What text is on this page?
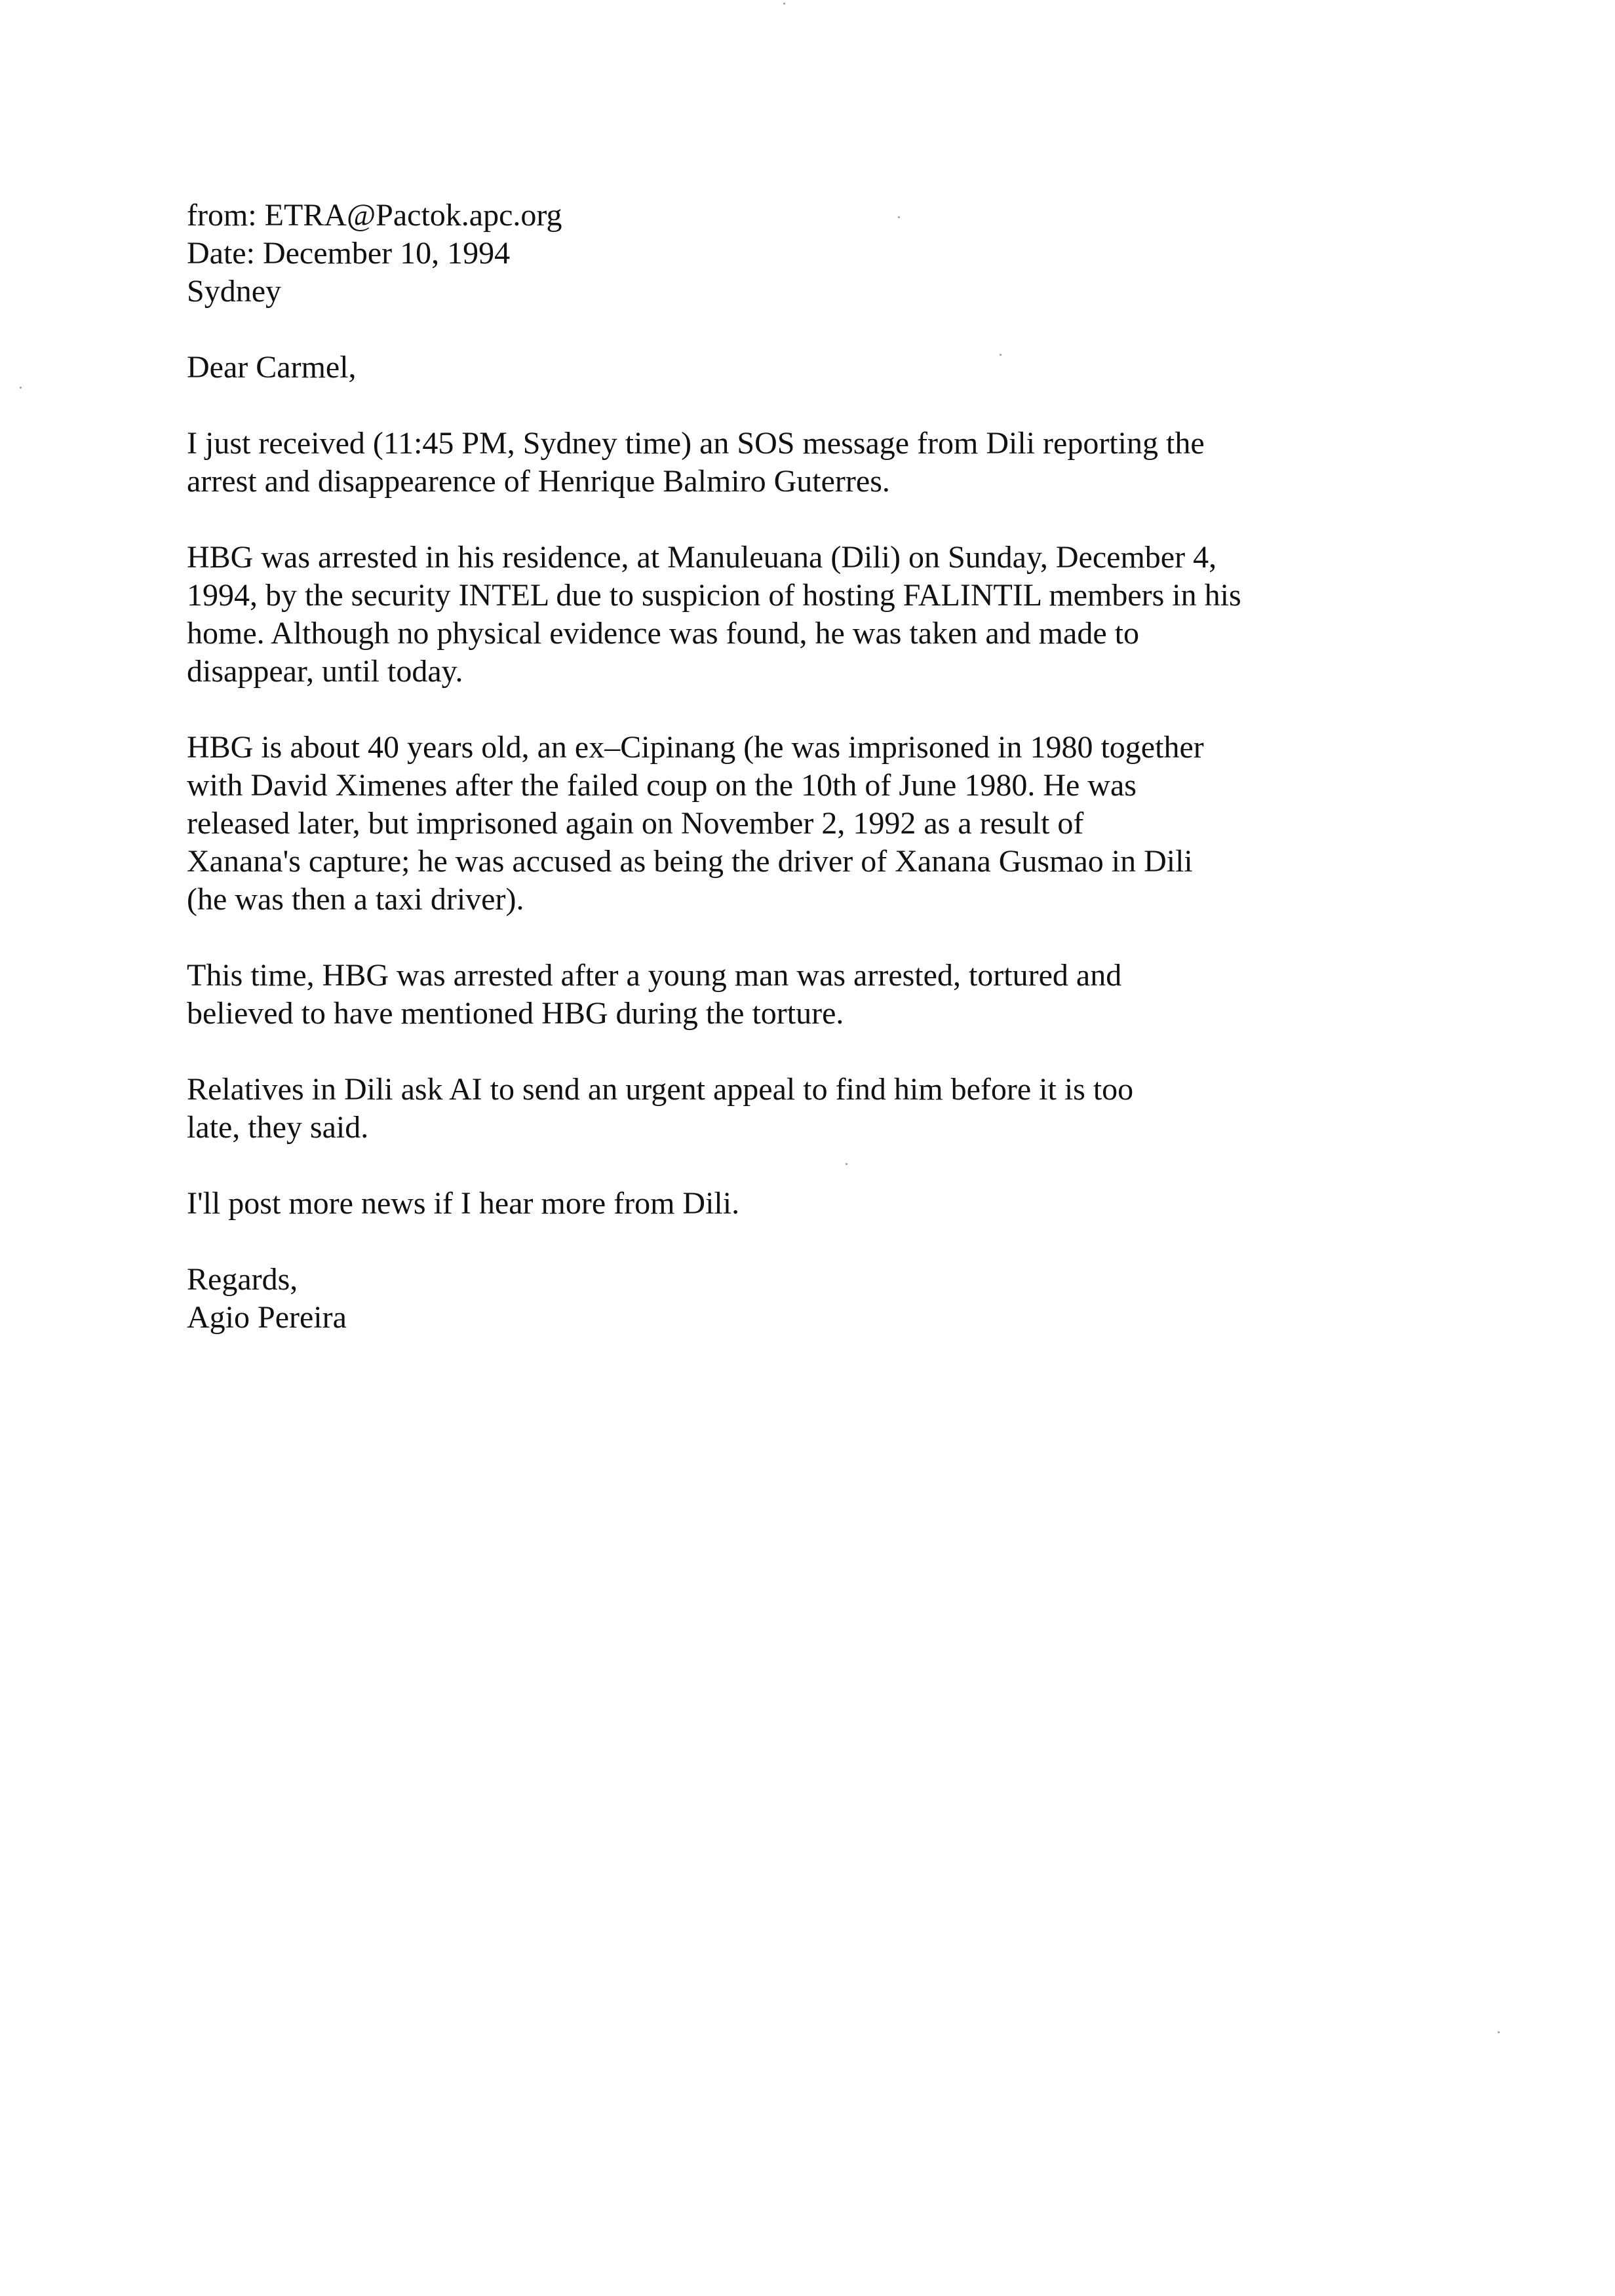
from: ETRA@Pactok.apc.org
Date: December 10, 1994
Sydney
Dear Carmel,
I just received (11:45 PM, Sydney time) an SOS message from Dili reporting the
arrest and disappearence of Henrique Balmiro Guterres.
HBG was arrested in his residence, at Manuleuana (Dili) on Sunday, December 4,
1994, by the security INTEL due to suspicion of hosting FALINTIL members in his
home. Although no physical evidence was found, he was taken and made to
disappear, until today.
HBG is about 40 years old, an ex–Cipinang (he was imprisoned in 1980 together
with David Ximenes after the failed coup on the 10th of June 1980. He was
released later, but imprisoned again on November 2, 1992 as a result of
Xanana's capture; he was accused as being the driver of Xanana Gusmao in Dili
(he was then a taxi driver).
This time, HBG was arrested after a young man was arrested, tortured and
believed to have mentioned HBG during the torture.
Relatives in Dili ask AI to send an urgent appeal to find him before it is too
late, they said.
I'll post more news if I hear more from Dili.
Regards,
Agio Pereira
